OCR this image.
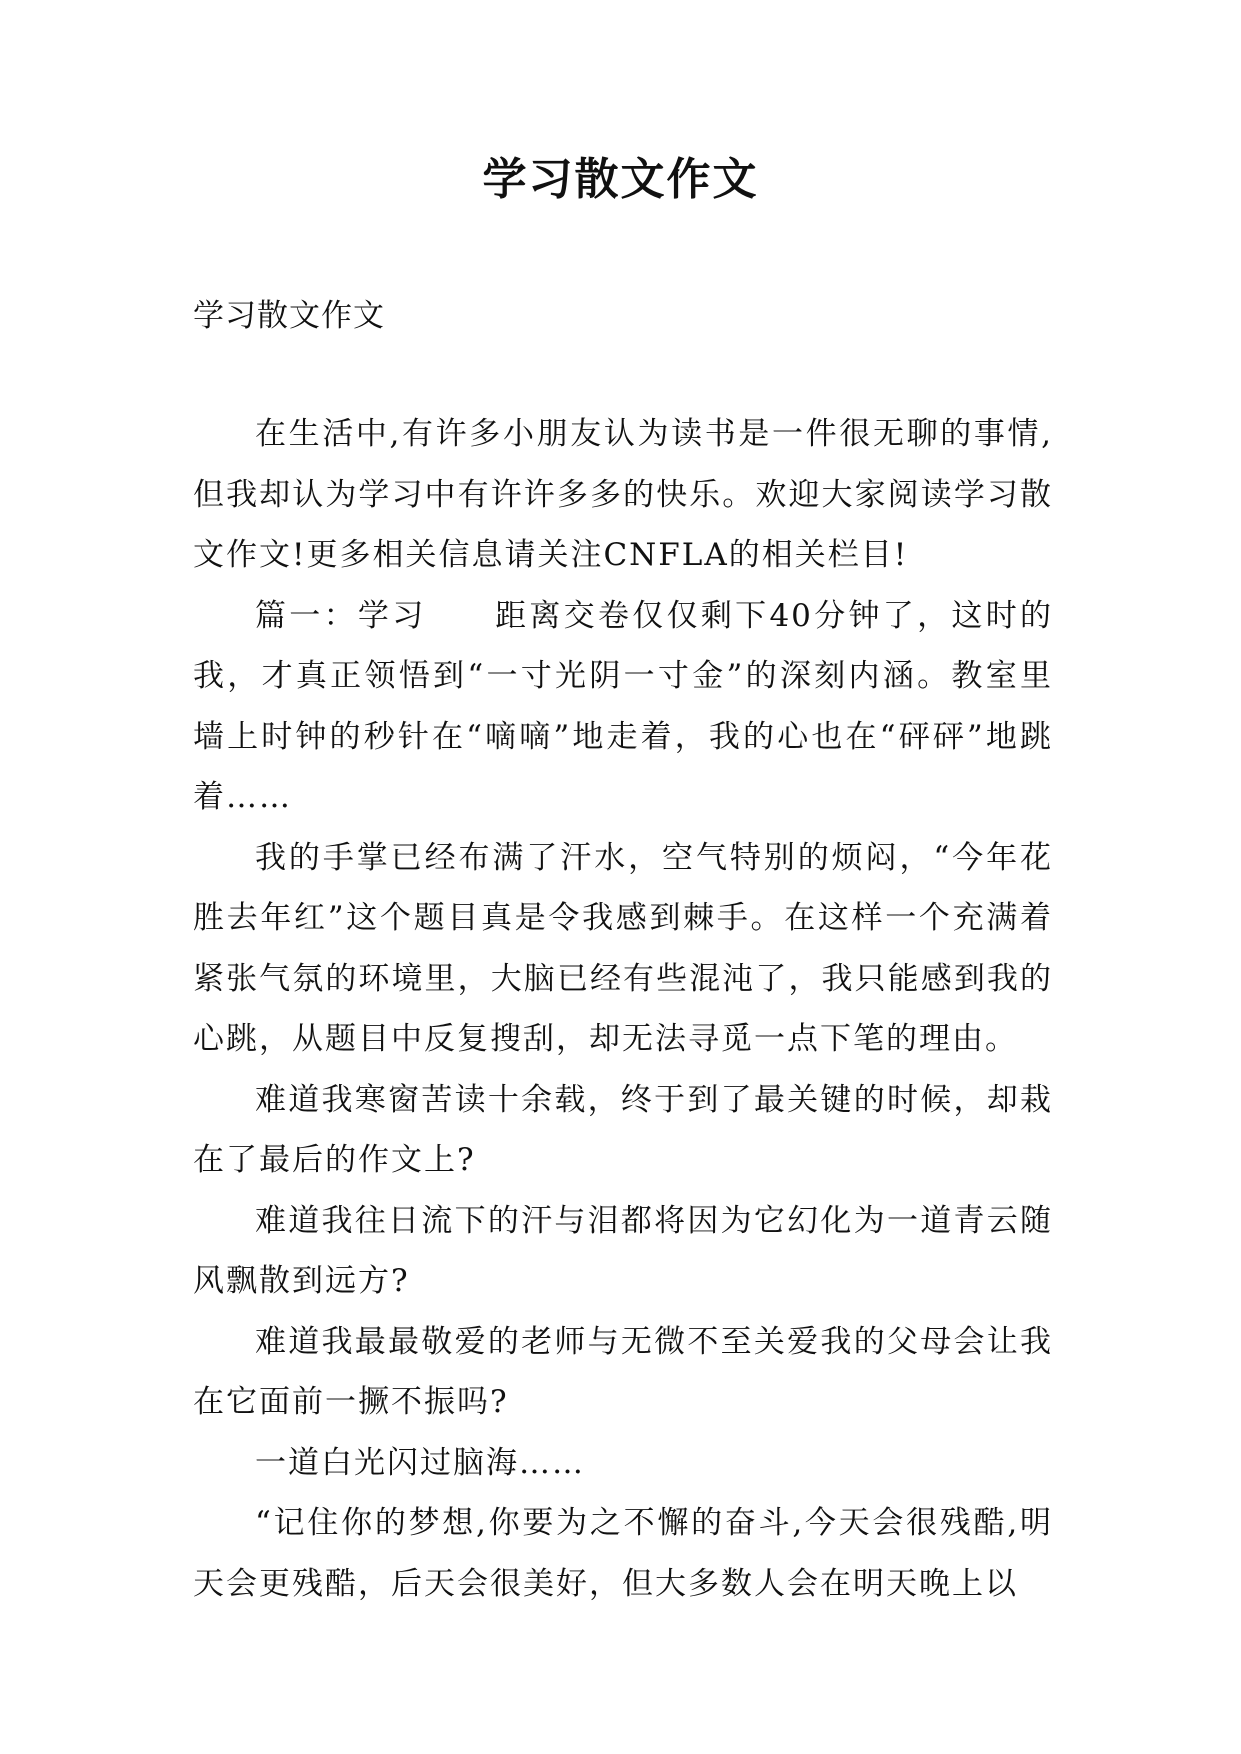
学习散文作文
学习散文作文

在生活中,有许多小朋友认为读书是一件很无聊的事情,但我却认为学习中有许许多多的快乐。欢迎大家阅读学习散文作文!更多相关信息请关注CNFLA的相关栏目!

篇一：学习　　距离交卷仅仅剩下40分钟了，这时的我，才真正领悟到“一寸光阴一寸金”的深刻内涵。教室里墙上时钟的秒针在“嘀嘀”地走着，我的心也在“砰砰”地跳着……

我的手掌已经布满了汗水，空气特别的烦闷，“今年花胜去年红”这个题目真是令我感到棘手。在这样一个充满着紧张气氛的环境里，大脑已经有些混沌了，我只能感到我的心跳，从题目中反复搜刮，却无法寻觅一点下笔的理由。

难道我寒窗苦读十余载，终于到了最关键的时候，却栽在了最后的作文上?

难道我往日流下的汗与泪都将因为它幻化为一道青云随风飘散到远方?

难道我最最敬爱的老师与无微不至关爱我的父母会让我在它面前一撅不振吗?

一道白光闪过脑海……

“记住你的梦想,你要为之不懈的奋斗,今天会很残酷,明天会更残酷，后天会很美好，但大多数人会在明天晚上以
